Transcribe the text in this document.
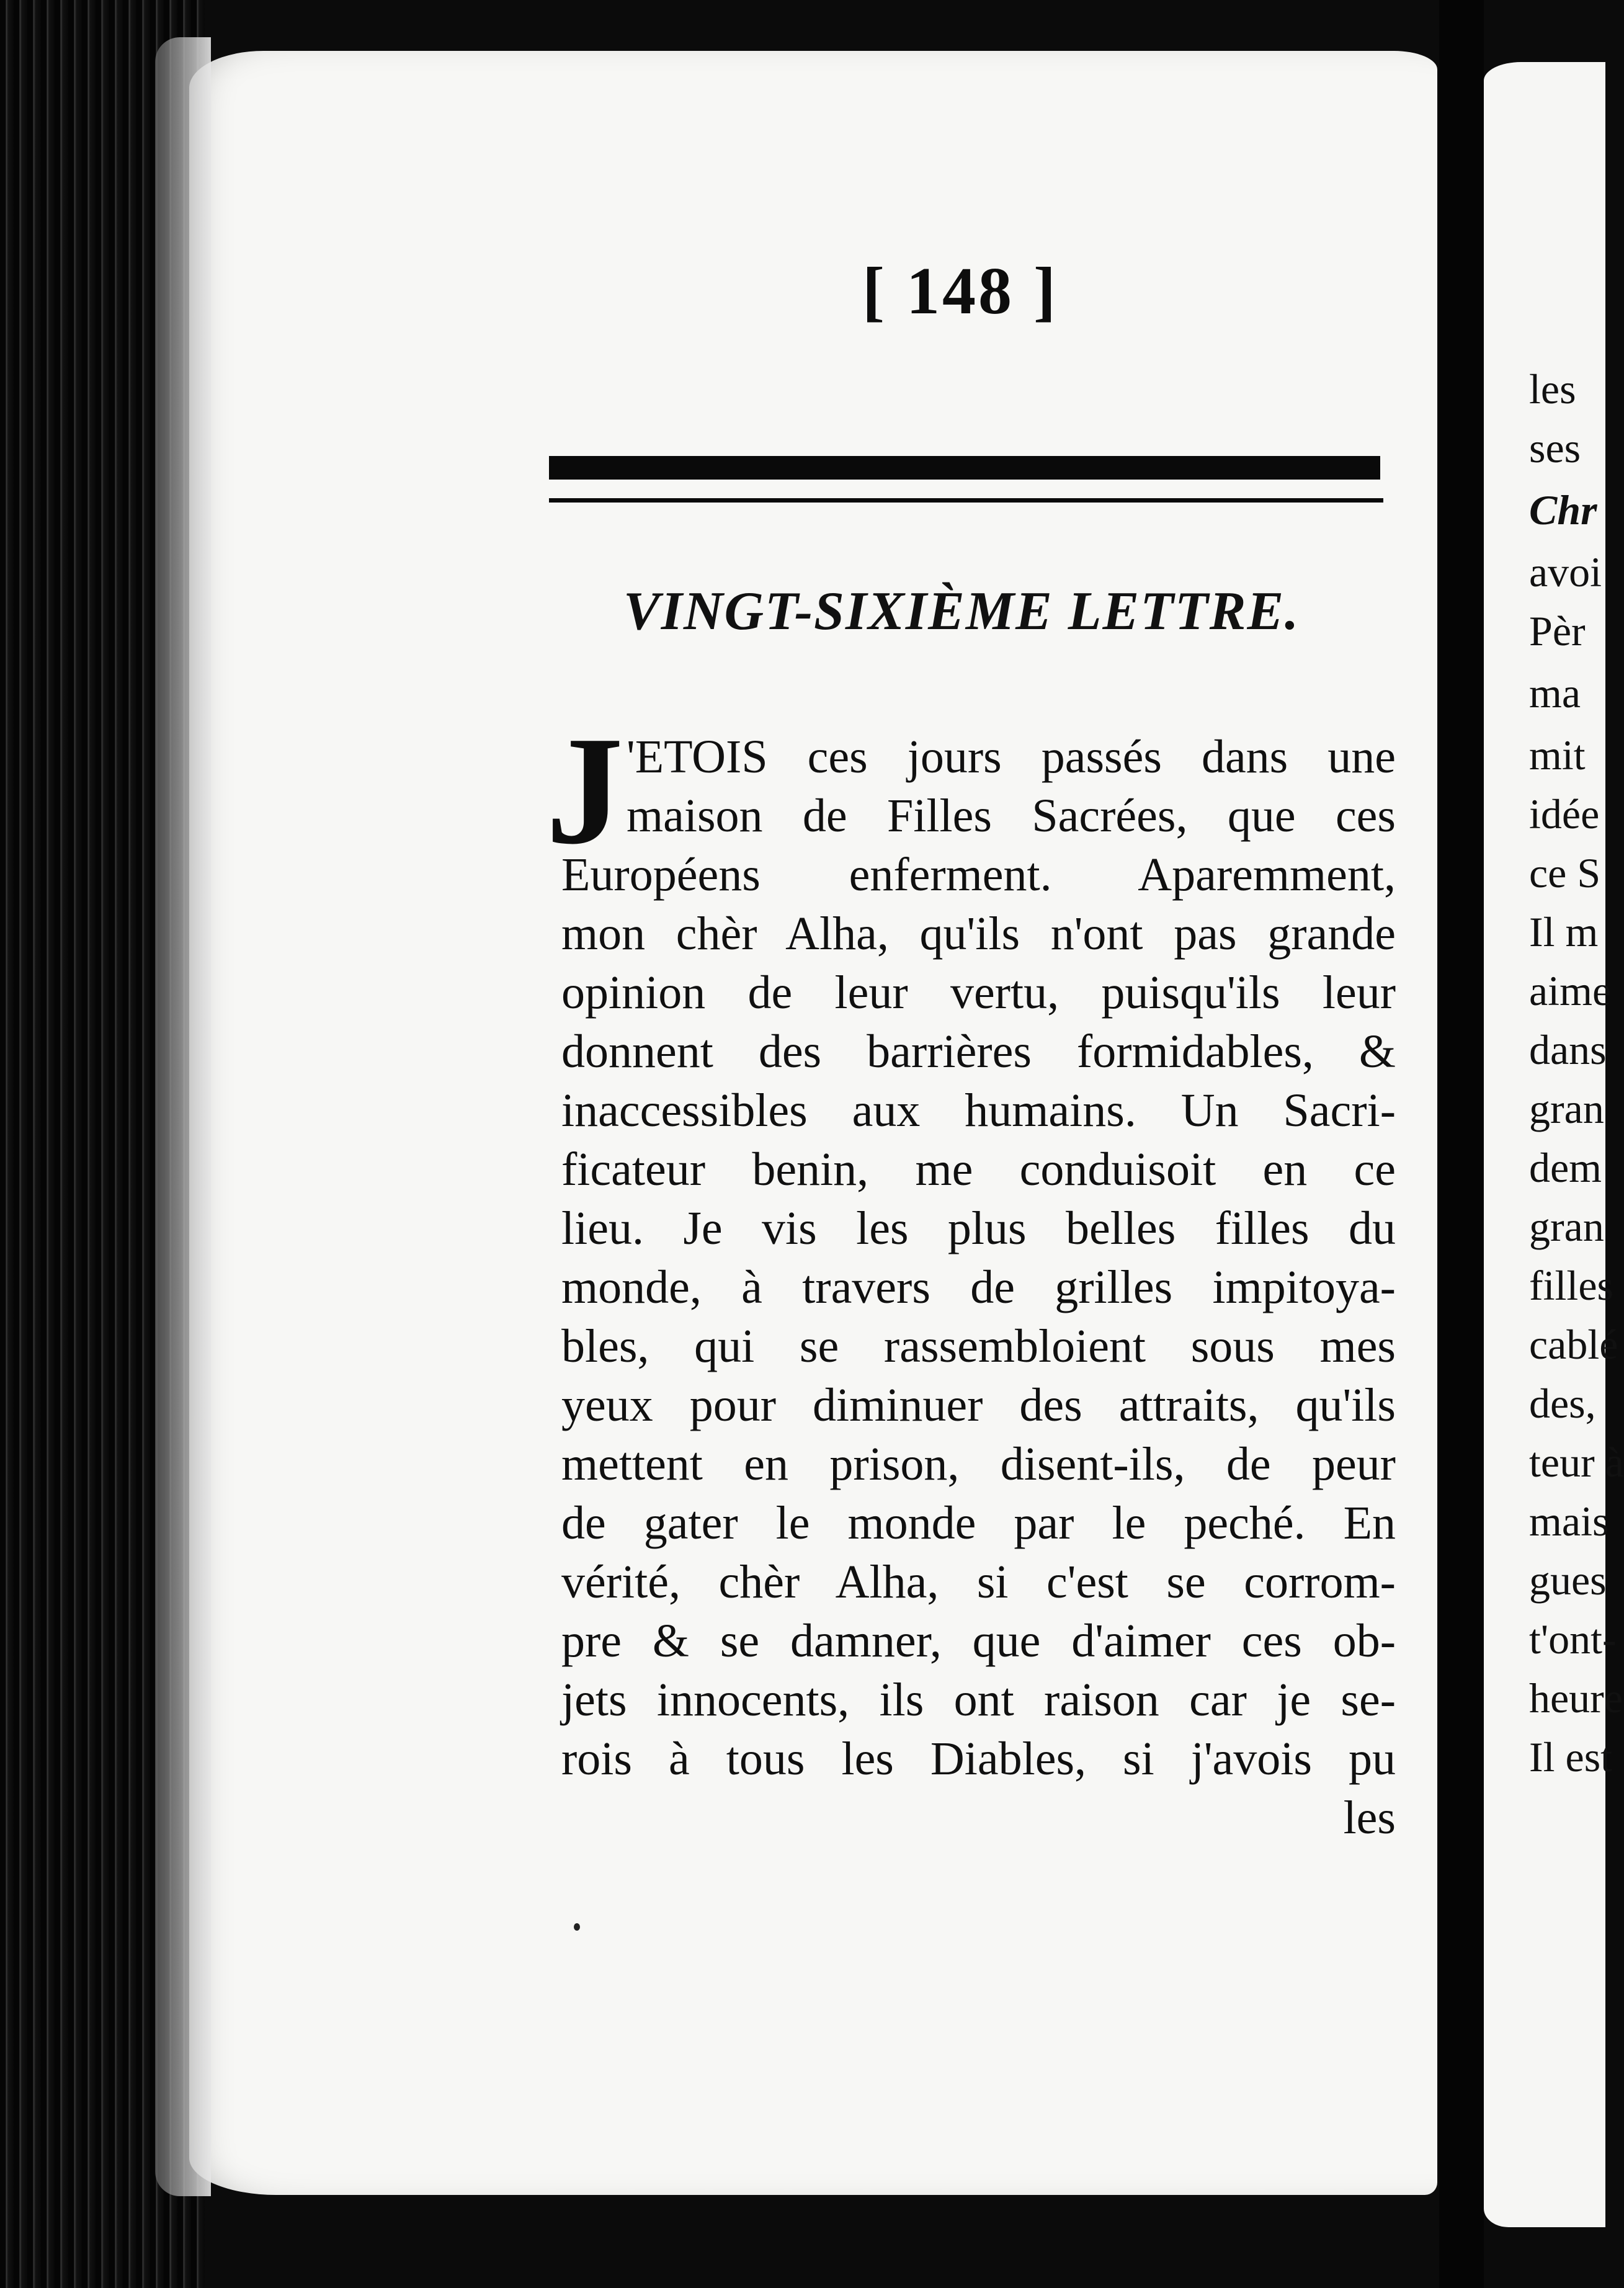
[ 148 ]
VINGT-SIXIÈME LETTRE.
J 'ETOIS ces jours passés dans une
maison de Filles Sacrées, que ces
Européens enferment. Aparemment,
mon chèr Alha, qu'ils n'ont pas grande
opinion de leur vertu, puisqu'ils leur
donnent des barrières formidables, &
inaccessibles aux humains. Un Sacri-
ficateur benin, me conduisoit en ce
lieu. Je vis les plus belles filles du
monde, à travers de grilles impitoya-
bles, qui se rassembloient sous mes
yeux pour diminuer des attraits, qu'ils
mettent en prison, disent-ils, de peur
de gater le monde par le peché. En
vérité, chèr Alha, si c'est se corrom-
pre & se damner, que d'aimer ces ob-
jets innocents, ils ont raison car je se-
rois à tous les Diables, si j'avois pu
les
les
ses
Chr
avoi
Pèr
ma
mit
idée
ce S
Il m
aime
dans
gran
dem
gran
filles
cablé
des,
teur à
mais
gues
t'ont-
heure
Il est
